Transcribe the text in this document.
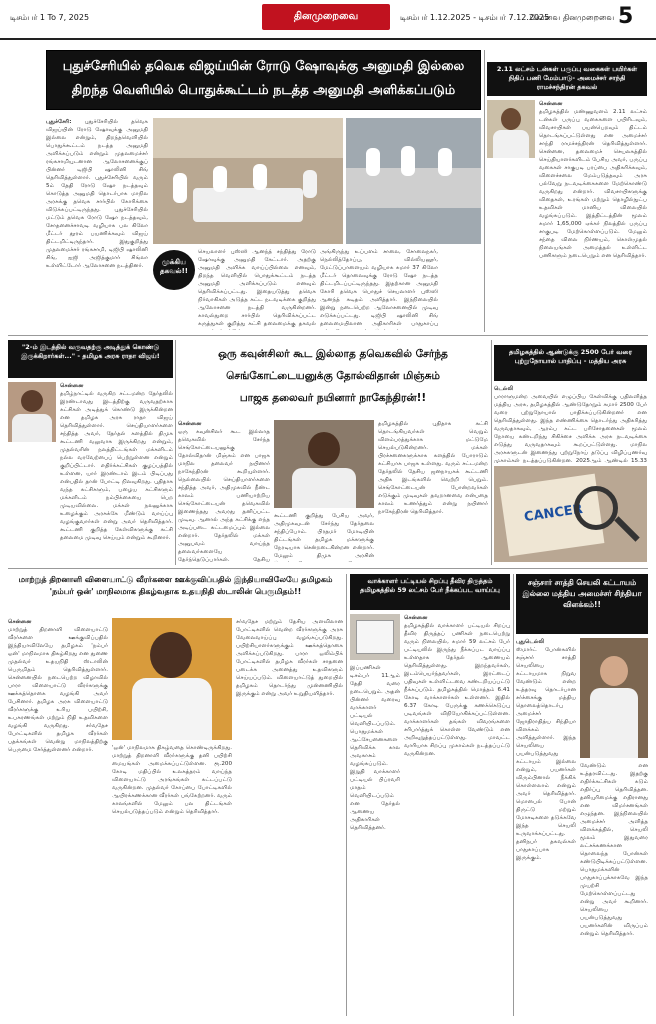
டிசம்பர் 1 To 7, 2025	தினமுறைவை	டிசம்பர் 1.12.2025 - டிசம்பர் 7.12.2025
கோவை தினமுறைவை 5
புதுச்சேரியில் தவெக விஜய்யின் ரோடு ஷோவுக்கு அனுமதி இல்லை
திறந்த வெளியில் பொதுக்கூட்டம் நடத்த அனுமதி அளிக்கப்படும்
புதுச்சேரி: புதுச்சேரியில் தவெக விஜய்யின் ரோடு ஷோவுக்கு அனுமதி இல்லை என்றும், திறந்தவெளியில் பொதுக்கூட்டம் நடத்த அனுமதி அளிக்கப்படும் என்றும் முதலமைச்சர் ரங்கசாமியுடனான ஆலோசனைக்குப் பின்னர் டிஜிபி ஷாலினி சிங் தெரிவித்துள்ளார். புதுச்சேரியில் வரும் 5ம் தேதி ரோடு ஷோ நடத்தவும் கொடுத்த அனுமதி தொடர்பாக மாநில அரசுக்கு தவெக சார்பில் கோரிக்கை விடுக்கப்பட்டிருந்தது. புதுச்சேரியில் மட்டும் தவெக ரோடு ஷோ நடத்தவும், சோதனைச்சாவடி வழியாக பல கிலோ மீட்டர் தூரம் பயணிக்கவும் விஜய் திட்டமிட்டிருந்தார். இதுகுறித்து முதலமைச்சர் ரங்கசாமி, டிஜிபி ஷாலினி சிங், ஐஜி அஜித்குமார் சிங்லா உள்ளிட்டோர் ஆலோசனை நடத்தினர்.	முக்கிய தகவல்!!
செயலாளர் புஸ்ஸி ஆனந்த் சந்தித்து ரோடு ஷோவுக்கு அனுமதி கேட்டார். அதற்கு அனுமதி அளிக்க வாய்ப்பில்லை எனவும், திறந்த வெளியில் பொதுக்கூட்டம் நடத்த அனுமதி அளிக்கப்படும் எனவும் தெரிவிக்கப்பட்டது. இதையடுத்து தவெக நிர்வாகிகள் அடுத்த கட்ட நடவடிக்கை குறித்து ஆலோசனை நடத்தி வருகின்றனர். காவல்துறை சார்பில் தெரிவிக்கப்பட்ட கருத்துகள் குறித்து கட்சி தலைமைக்கு தகவல்
அங்கிருந்து உப்பளம் சாலை, சோலைநகர், நெல்லித்தோப்பு, வில்லியனூர், மேட்டுப்பாளையம் வழியாக சுமார் 37 கிலோ மீட்டர் தொலைவுக்கு ரோடு ஷோ நடத்த திட்டமிடப்பட்டிருந்தது. இதற்கான அனுமதி கோரி தவெக பொதுச் செயலாளர் புஸ்ஸி ஆனந்த் கடிதம் அளித்தார். இந்நிலையில் இன்று நடைபெற்ற ஆலோசனையில் முடிவு எடுக்கப்பட்டது. டிஜிபி ஷாலினி சிங் தலைமையிலான அதிகாரிகள் பாதுகாப்பு
2.11 லட்சம் டன்கள் பருப்பு வகைகள் பயிர்கள் நிதிப் பணி மேம்பாடு- அமைச்சர் சாந்தி ராமச்சந்திரன் தகவல்
சென்னை
தமிழகத்தில் மண்ணுவளம் 2.11 லட்சம் டன்கள் பருப்பு வகைகளை பயிரிடவும், விவசாயிகள் பயன்பெறவும் திட்டம் தொடங்கப்பட்டுள்ளது என அமைச்சர் சாந்தி ராமச்சந்திரன் தெரிவித்துள்ளார். சென்னை, தலைமைச் செயலகத்தில் செய்தியாளர்களிடம் பேசிய அவர், பருப்பு வகைகள் சாகுபடி பரப்பை அதிகரிக்கவும், விளைச்சலை மேம்படுத்தவும் அரசு பல்வேறு நடவடிக்கைகளை மேற்கொண்டு வருகிறது என்றார். விவசாயிகளுக்கு விதைகள், உரங்கள் மற்றும் தொழில்நுட்ப உதவிகள் மானிய விலையில் வழங்கப்படும். இத்திட்டத்தின் மூலம் சுமார் 1,65,000 ஏக்கர் நிலத்தில் பருப்பு சாகுபடி மேற்கொள்ளப்படும். மேலும் சந்தை விலை நிர்ணயம், கொள்முதல் நிலையங்கள் அமைத்தல் உள்ளிட்ட பணிகளும் நடைபெறும் என தெரிவித்தார்.
"2-ம் இடத்தில் வருவதற்கு அடித்துக் கொண்டு இருக்கிறார்கள்..." - தமிழக அரசு ராதா விஜய்!
சென்னை
தமிழ்நாட்டில் வருகிற சட்டமன்ற தேர்தலில் இரண்டாவது இடத்திற்கு வருவதற்காக கட்சிகள் அடித்துக் கொண்டு இருக்கின்றன என தமிழக அரசு ராதா விஜய் தெரிவித்துள்ளார். செய்தியாளர்களை சந்தித்த அவர், தேர்தல் களத்தில் திமுக கூட்டணி வலுவாக இருக்கிறது என்றும், முதல்வரின் நலத்திட்டங்கள் மக்களிடம் நல்ல வரவேற்பைப் பெற்றுள்ளன என்றும் குறிப்பிட்டார். எதிர்க்கட்சிகள் குழப்பத்தில் உள்ளன, யார் இரண்டாம் இடம் பிடிப்பது என்பதில் தான் போட்டி நிலவுகிறது. புதிதாக வந்த கட்சிகளும், பழைய கட்சிகளும் மக்களிடம் நம்பிக்கையை பெற முடியவில்லை. மக்கள் நலனுக்காக உழைக்கும் அரசுக்கே மீண்டும் வாய்ப்பு வழங்குவார்கள் என்று அவர் தெரிவித்தார். கூட்டணி குறித்த கேள்விகளுக்கு கட்சி தலைமை முடிவு செய்யும் என்றும் கூறினார்.
ஒரு கவுன்சிலர் கூட இல்லாத தவெகவில் சேர்ந்த
செங்கோட்டையனுக்கு தோல்விதான் மிஞ்சும்
பாஜக தலைவர் நயினார் நாகேந்திரன்!!
சென்னை
ஒரு கவுன்சிலர் கூட இல்லாத தவெகவில் சேர்ந்த செங்கோட்டையனுக்கு தோல்விதான் மிஞ்சும் என பாஜக மாநில தலைவர் நயினார் நாகேந்திரன் கூறியுள்ளார். நெல்லையில் செய்தியாளர்களை சந்தித்த அவர், அதிமுகவில் நீண்ட காலம் பணியாற்றிய செங்கோட்டையன் தவெகவில் இணைந்தது அவரது தனிப்பட்ட முடிவு. ஆனால் அந்த கட்சிக்கு எந்த அடிப்படை கட்டமைப்பும் இல்லை என்றார். தேர்தலில் மக்கள் அனுபவம் வாய்ந்த தலைவர்களையே தேர்ந்தெடுப்பார்கள். தேசிய
கூட்டணி குறித்து பேசிய அவர், அதிமுகவுடன் சேர்ந்து தேர்தலை சந்திப்போம். பிரதமர் மோடியின் திட்டங்கள் தமிழக மக்களுக்கு நேரடியாக சென்றடைகின்றன என்றார். மேலும் திமுக அரசின்
தமிழகத்தில் புதிதாக கட்சி தொடங்கியவர்கள் வெறும் விளம்பரத்துக்காக மட்டுமே செயல்படுகின்றனர். மக்கள் பிரச்சனைகளுக்காக களத்தில் போராடும் கட்சியாக பாஜக உள்ளது. வரும் சட்டமன்ற தேர்தலில் தேசிய ஜனநாயகக் கூட்டணி அதிக இடங்களில் வெற்றி பெறும். செங்கோட்டையன் போன்றவர்கள் எடுக்கும் முடிவுகள் தவறானவை என்பதை காலம் உணர்த்தும் என்று நயினார் நாகேந்திரன் தெரிவித்தார்.
தமிழகத்தில் ஆண்டுக்கு 2500 பேர் வரை புற்றுநோயால் பாதிப்பு - மத்திய அரசு
டெல்லி
பாராளுமன்ற அவையில் எழுப்பிய கேள்விக்கு பதிலளித்த மத்திய அரசு, தமிழகத்தில் ஆண்டுதோறும் சுமார் 2500 பேர் வரை புற்றுநோயால் பாதிக்கப்படுகின்றனர் என தெரிவித்துள்ளது. இந்த எண்ணிக்கை தொடர்ந்து அதிகரித்து வருவதாகவும், ஆரம்ப கட்ட பரிசோதனைகள் மூலம் நோயை கண்டறிந்து சிகிச்சை அளிக்க அரசு நடவடிக்கை எடுத்து வருவதாகவும் கூறப்பட்டுள்ளது. மாநில அரசுகளுடன் இணைந்து புற்றுநோய் தடுப்பு விழிப்புணர்வு முகாம்கள் நடத்தப்படுகின்றன. 2025ஆம் ஆண்டில் 15.33
CANCER
மாற்றுத் திறனாளி விளையாட்டு வீரர்களை ஊக்குவிப்பதில் இந்தியாவிலேயே தமிழகம் 'நம்பர் ஒன்' மாநிலமாக திகழ்வதாக உதயநிதி ஸ்டாலின் பெருமிதம்!!
சென்னை
மாற்றுத் திறனாளி விளையாட்டு வீரர்களை ஊக்குவிப்பதில் இந்தியாவிலேயே தமிழகம் 'நம்பர் ஒன்' மாநிலமாக திகழ்கிறது என துணை முதல்வர் உதயநிதி ஸ்டாலின் பெருமிதம் தெரிவித்துள்ளார். சென்னையில் நடைபெற்ற விழாவில் பாரா விளையாட்டு வீரர்களுக்கு ஊக்கத்தொகை வழங்கி அவர் பேசினார். தமிழக அரசு விளையாட்டு வீரர்களுக்கு உரிய பயிற்சி, உபகரணங்கள் மற்றும் நிதி உதவிகளை வழங்கி வருகிறது. சர்வதேச போட்டிகளில் தமிழக வீரர்கள் பதக்கங்கள் வென்று மாநிலத்திற்கு பெருமை சேர்த்துள்ளனர் என்றார்.	'ஒன்' மாநிலமாக திகழ்வதை கொண்டிருக்கிறது. மாற்றுத் திறனாளி வீரர்களுக்கு தனி பயிற்சி மையங்கள் அமைக்கப்பட்டுள்ளன. ரூ.200 கோடி மதிப்பில் உலகத்தரம் வாய்ந்த விளையாட்டு அரங்கங்கள் கட்டப்பட்டு வருகின்றன. முதல்வர் கோப்பை போட்டிகளில் ஆயிரக்கணக்கான வீரர்கள் பங்கேற்றனர். வரும் காலங்களில் மேலும் பல திட்டங்கள் செயல்படுத்தப்படும் என்றும் தெரிவித்தார்.
சர்வதேச மற்றும் தேசிய அளவிலான போட்டிகளில் வென்ற வீரர்களுக்கு அரசு வேலைவாய்ப்பு வழங்கப்படுகிறது. பயிற்சியாளர்களுக்கும் ஊக்கத்தொகை அளிக்கப்படுகிறது. பாரா ஒலிம்பிக் போட்டிகளில் தமிழக வீரர்கள் சாதனை படைக்க அனைத்து உதவிகளும் செய்யப்படும். விளையாட்டுத் துறையில் தமிழகம் தொடர்ந்து முன்னணியில் இருக்கும் என்று அவர் உறுதியளித்தார்.
வாக்காளர் பட்டியல் சிறப்பு தீவிர திருத்தம் தமிழகத்தில் 59 லட்சம் பேர் நீக்கப்பட வாய்ப்பு
சென்னை
தமிழகத்தில் வாக்காளர் பட்டியல் சிறப்பு தீவிர திருத்தப் பணிகள் நடைபெற்று வரும் நிலையில், சுமார் 59 லட்சம் பேர் பட்டியலில் இருந்து நீக்கப்பட வாய்ப்பு உள்ளதாக தேர்தல் ஆணையம் தெரிவித்துள்ளது. இறந்தவர்கள், இடம்பெயர்ந்தவர்கள், இரட்டைப் பதிவுகள் உள்ளிட்டவை கண்டறியப்பட்டு நீக்கப்படும். தமிழகத்தில் மொத்தம் 6.41 கோடி வாக்காளர்கள் உள்ளனர். இதில் 6.37 கோடி பேருக்கு கணக்கெடுப்பு படிவங்கள் விநியோகிக்கப்பட்டுள்ளன. வாக்காளர்கள் தங்கள் விவரங்களை சரிபார்த்துக் கொள்ள வேண்டும் என அறிவுறுத்தப்பட்டுள்ளது. மாவட்ட வாரியாக சிறப்பு முகாம்கள் நடத்தப்பட்டு வருகின்றன.
இப்பணிகள் டிசம்பர் 11ஆம் தேதி வரை நடைபெறும். அதன் பின்னர் வரைவு வாக்காளர் பட்டியல் வெளியிடப்படும். பொதுமக்கள் ஆட்சேபனைகளை தெரிவிக்க கால அவகாசம் வழங்கப்படும். இறுதி வாக்காளர் பட்டியல் பிப்ரவரி மாதம் வெளியிடப்படும் என தேர்தல் ஆணைய அதிகாரிகள் தெரிவித்தனர்.
சஞ்சார் சாத்தி செயலி கட்டாயம் இல்லை மத்திய அமைச்சர் சிந்தியா விளக்கம்!!
புதுடெல்லி
ஸ்மார்ட் போன்களில் சஞ்சார் சாத்தி செயலியை கட்டாயமாக நிறுவ வேண்டும் என்ற உத்தரவு தொடர்பான சர்ச்சைக்கு மத்திய தொலைத்தொடர்பு அமைச்சர் ஜோதிராதித்ய சிந்தியா விளக்கம் அளித்துள்ளார். இந்த செயலியை பயன்படுத்துவது கட்டாயம் இல்லை என்றும், பயனர்கள் விரும்பினால் நீக்கிக் கொள்ளலாம் என்றும் அவர் தெரிவித்தார். மொபைல் போன் திருட்டு மற்றும் மோசடிகளை தடுக்கவே இந்த செயலி உருவாக்கப்பட்டது. தனிநபர் தகவல்கள் பாதுகாப்பாக இருக்கும்.
வேண்டும் என உத்தரவிட்டது. இதற்கு எதிர்க்கட்சிகள் கடும் எதிர்ப்பு தெரிவித்தன. தனியுரிமைக்கு எதிரானது என விமர்சனங்கள் எழுந்தன. இந்நிலையில் அமைச்சர் அளித்த விளக்கத்தில், செயலி மூலம் இதுவரை லட்சக்கணக்கான தொலைந்த போன்கள் கண்டுபிடிக்கப்பட்டுள்ளன. பொதுமக்களின் பாதுகாப்புக்காகவே இந்த முயற்சி மேற்கொள்ளப்பட்டது என்று அவர் கூறினார். செயலியை பயன்படுத்துவது பயனர்களின் விருப்பம் என்றும் தெரிவித்தார்.
